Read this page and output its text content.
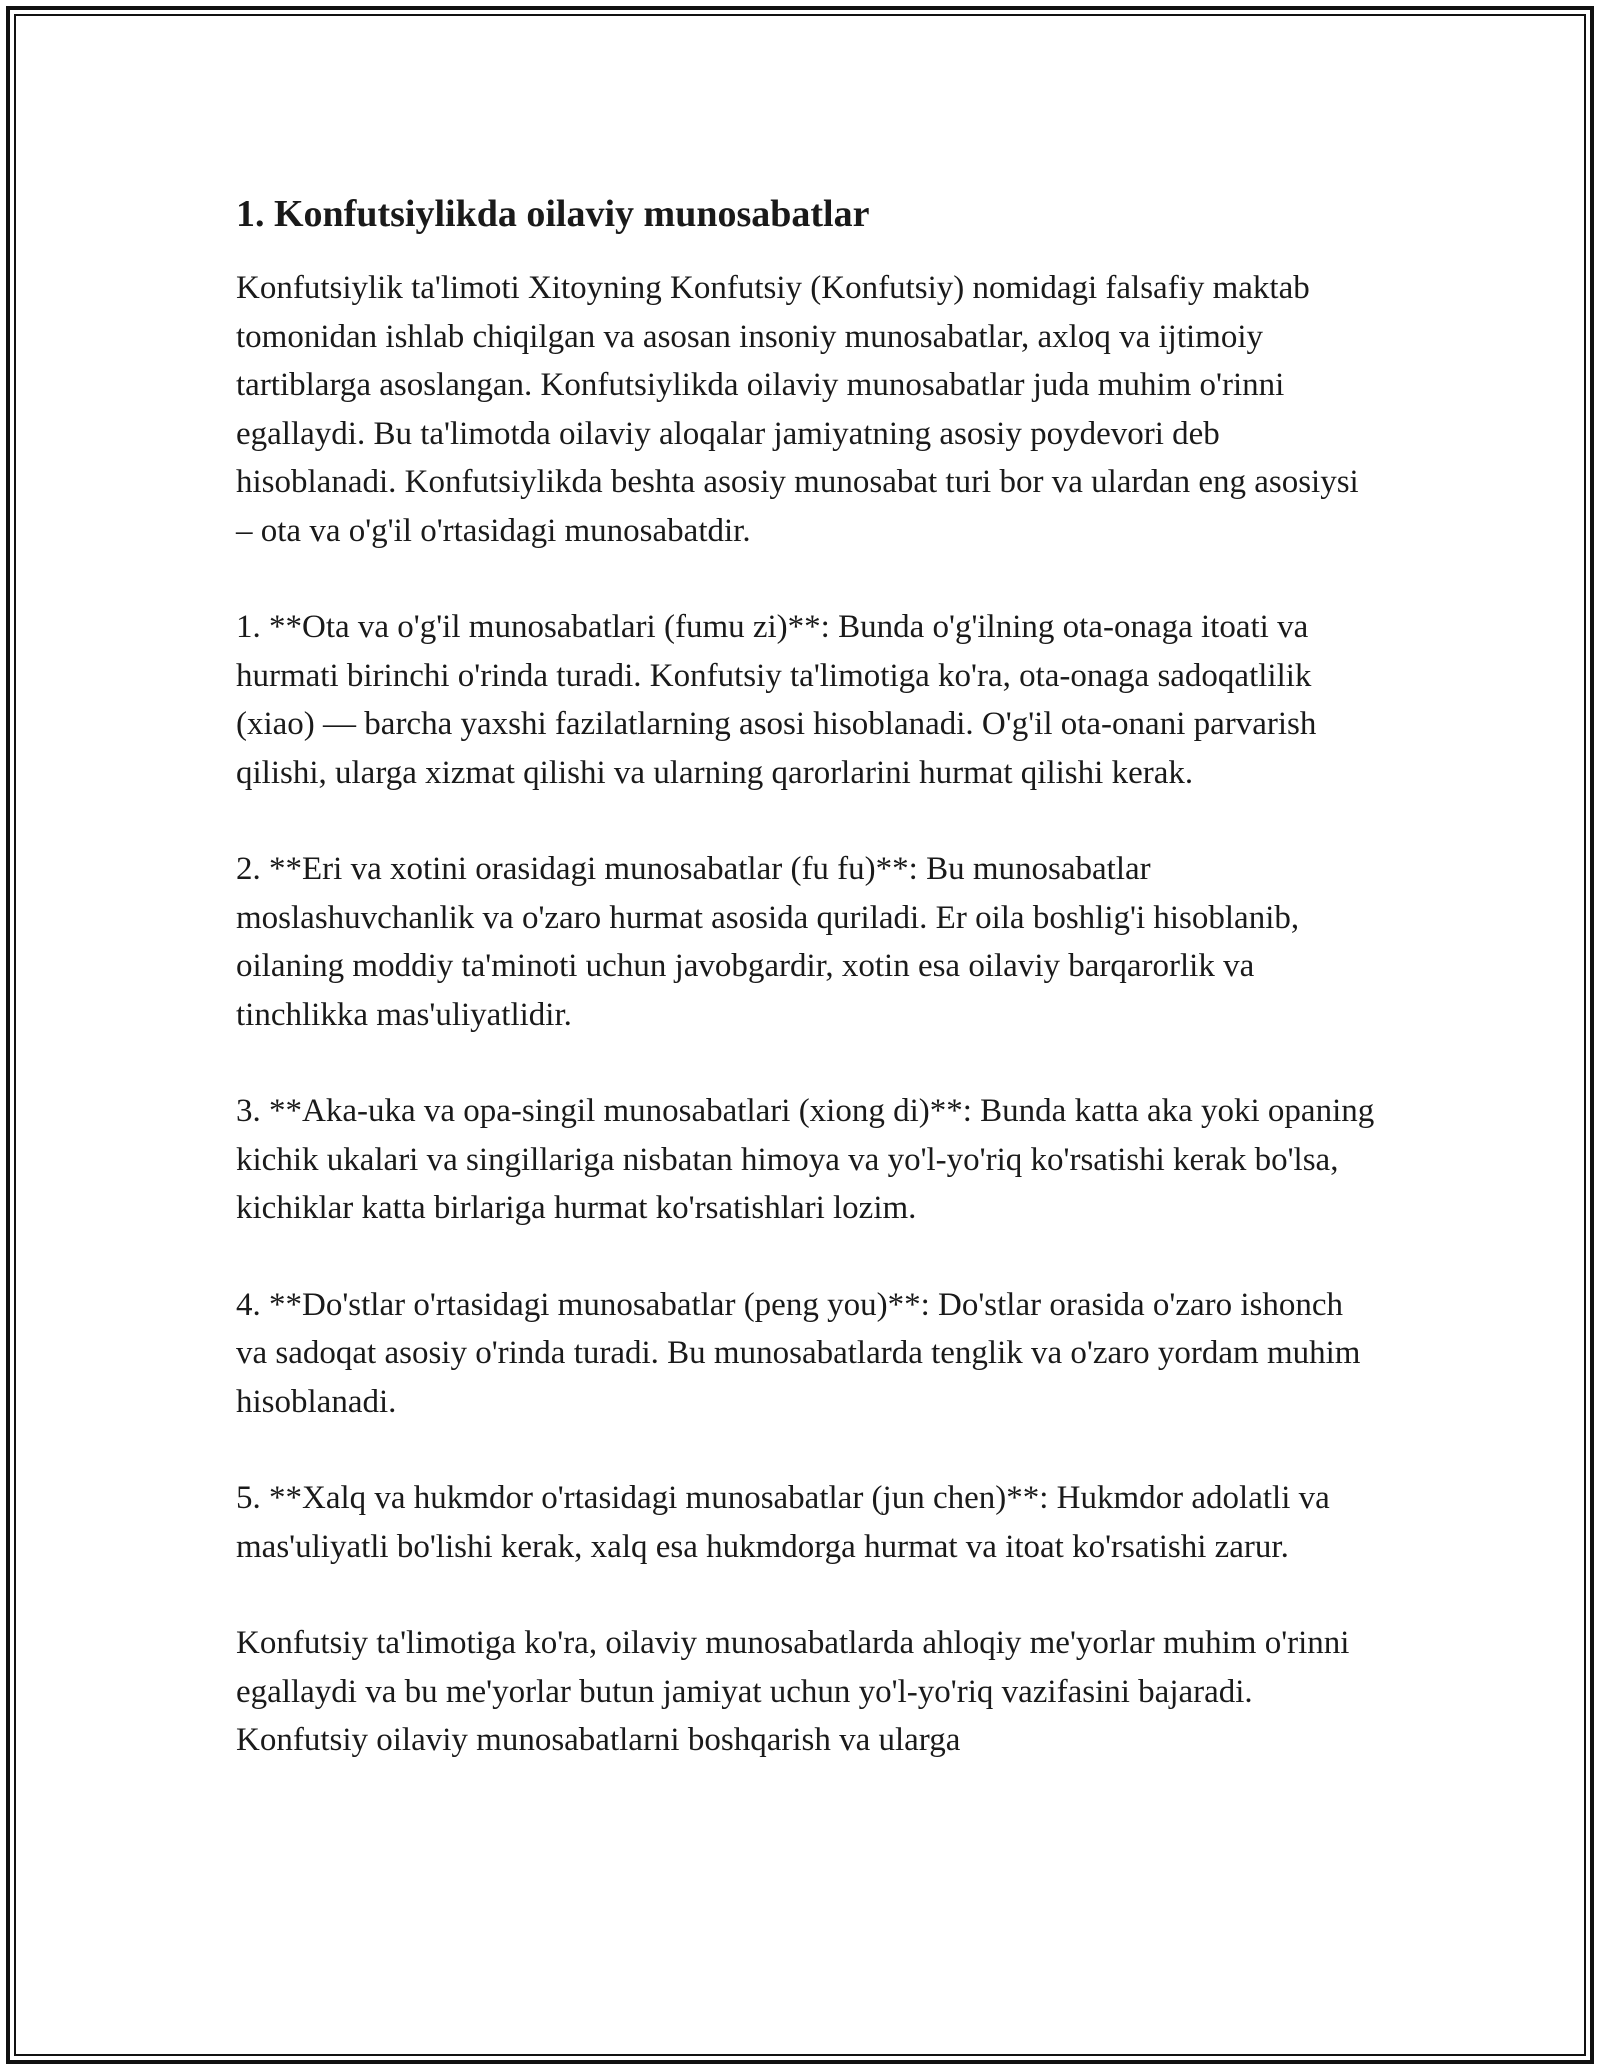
1. Konfutsiylikda oilaviy munosabatlar

Konfutsiylik ta'limoti Xitoyning Konfutsiy (Konfutsiy) nomidagi falsafiy maktab tomonidan ishlab chiqilgan va asosan insoniy munosabatlar, axloq va ijtimoiy tartiblarga asoslangan. Konfutsiylikda oilaviy munosabatlar juda muhim o'rinni egallaydi. Bu ta'limotda oilaviy aloqalar jamiyatning asosiy poydevori deb hisoblanadi. Konfutsiylikda beshta asosiy munosabat turi bor va ulardan eng asosiysi – ota va o'g'il o'rtasidagi munosabatdir.

1. **Ota va o'g'il munosabatlari (fumu zi)**: Bunda o'g'ilning ota-onaga itoati va hurmati birinchi o'rinda turadi. Konfutsiy ta'limotiga ko'ra, ota-onaga sadoqatlilik (xiao) — barcha yaxshi fazilatlarning asosi hisoblanadi. O'g'il ota-onani parvarish qilishi, ularga xizmat qilishi va ularning qarorlarini hurmat qilishi kerak.

2. **Eri va xotini orasidagi munosabatlar (fu fu)**: Bu munosabatlar moslashuvchanlik va o'zaro hurmat asosida quriladi. Er oila boshlig'i hisoblanib, oilaning moddiy ta'minoti uchun javobgardir, xotin esa oilaviy barqarorlik va tinchlikka mas'uliyatlidir.

3. **Aka-uka va opa-singil munosabatlari (xiong di)**: Bunda katta aka yoki opaning kichik ukalari va singillariga nisbatan himoya va yo'l-yo'riq ko'rsatishi kerak bo'lsa, kichiklar katta birlariga hurmat ko'rsatishlari lozim.

4. **Do'stlar o'rtasidagi munosabatlar (peng you)**: Do'stlar orasida o'zaro ishonch va sadoqat asosiy o'rinda turadi. Bu munosabatlarda tenglik va o'zaro yordam muhim hisoblanadi.

5. **Xalq va hukmdor o'rtasidagi munosabatlar (jun chen)**: Hukmdor adolatli va mas'uliyatli bo'lishi kerak, xalq esa hukmdorga hurmat va itoat ko'rsatishi zarur.

Konfutsiy ta'limotiga ko'ra, oilaviy munosabatlarda ahloqiy me'yorlar muhim o'rinni egallaydi va bu me'yorlar butun jamiyat uchun yo'l-yo'riq vazifasini bajaradi. Konfutsiy oilaviy munosabatlarni boshqarish va ularga
